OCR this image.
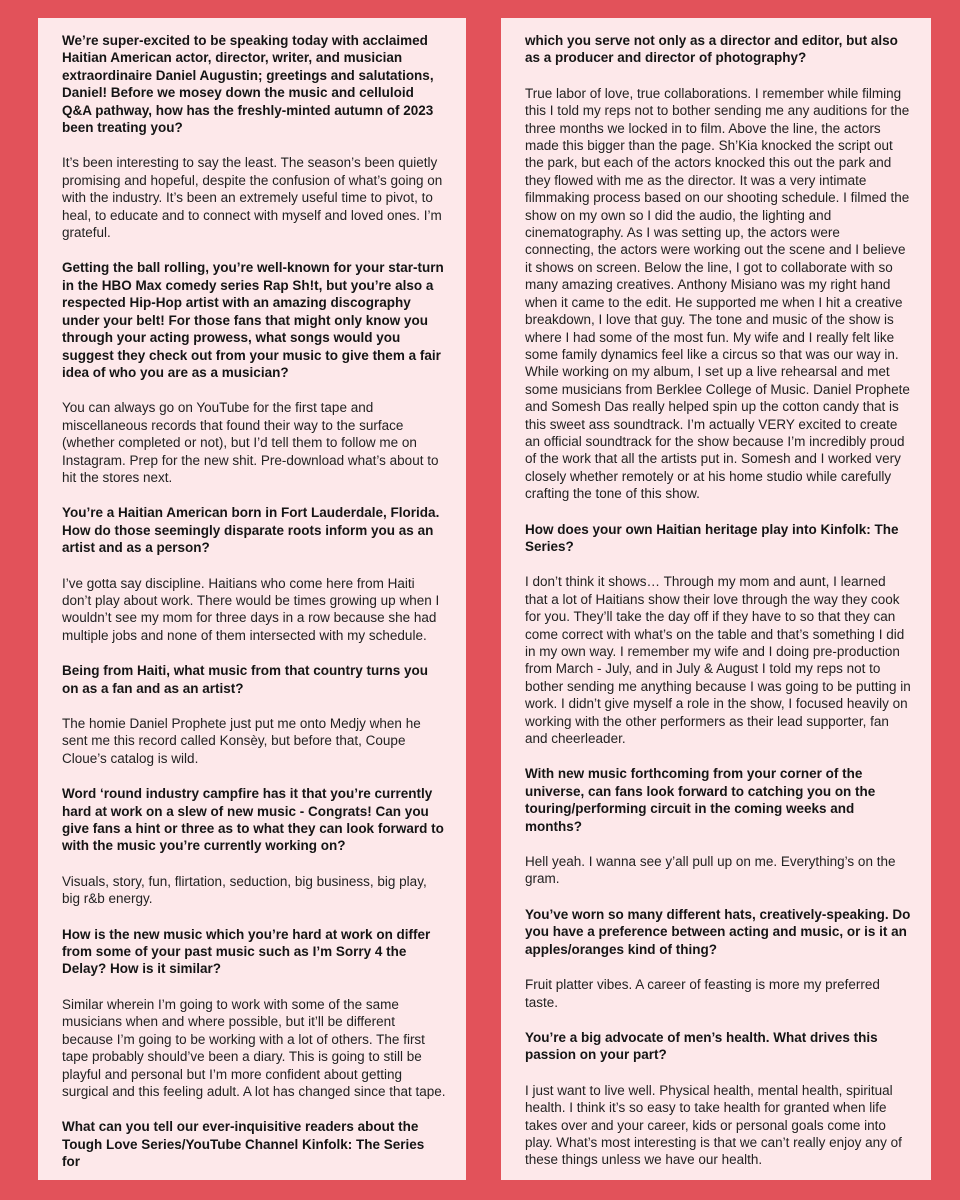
We’re super-excited to be speaking today with acclaimed Haitian American actor, director, writer, and musician extraordinaire Daniel Augustin; greetings and salutations, Daniel! Before we mosey down the music and celluloid Q&A pathway, how has the freshly-minted autumn of 2023 been treating you?

It’s been interesting to say the least. The season’s been quietly promising and hopeful, despite the confusion of what’s going on with the industry. It’s been an extremely useful time to pivot, to heal, to educate and to connect with myself and loved ones. I’m grateful.

Getting the ball rolling, you’re well-known for your star-turn in the HBO Max comedy series Rap Sh!t, but you’re also a respected Hip-Hop artist with an amazing discography under your belt! For those fans that might only know you through your acting prowess, what songs would you suggest they check out from your music to give them a fair idea of who you are as a musician?

You can always go on YouTube for the first tape and miscellaneous records that found their way to the surface (whether completed or not), but I’d tell them to follow me on Instagram. Prep for the new shit. Pre-download what’s about to hit the stores next.

You’re a Haitian American born in Fort Lauderdale, Florida. How do those seemingly disparate roots inform you as an artist and as a person?

I’ve gotta say discipline. Haitians who come here from Haiti don’t play about work. There would be times growing up when I wouldn’t see my mom for three days in a row because she had multiple jobs and none of them intersected with my schedule.

Being from Haiti, what music from that country turns you on as a fan and as an artist?

The homie Daniel Prophete just put me onto Medjy when he sent me this record called Konsèy, but before that, Coupe Cloue’s catalog is wild.

Word ‘round industry campfire has it that you’re currently hard at work on a slew of new music - Congrats! Can you give fans a hint or three as to what they can look forward to with the music you’re currently working on?

Visuals, story, fun, flirtation, seduction, big business, big play, big r&b energy.

How is the new music which you’re hard at work on differ from some of your past music such as I’m Sorry 4 the Delay? How is it similar?

Similar wherein I’m going to work with some of the same musicians when and where possible, but it’ll be different because I’m going to be working with a lot of others. The first tape probably should’ve been a diary. This is going to still be playful and personal but I’m more confident about getting surgical and this feeling adult. A lot has changed since that tape.

What can you tell our ever-inquisitive readers about the Tough Love Series/YouTube Channel Kinfolk: The Series for

which you serve not only as a director and editor, but also as a producer and director of photography?

True labor of love, true collaborations. I remember while filming this I told my reps not to bother sending me any auditions for the three months we locked in to film. Above the line, the actors made this bigger than the page. Sh’Kia knocked the script out the park, but each of the actors knocked this out the park and they flowed with me as the director. It was a very intimate filmmaking process based on our shooting schedule. I filmed the show on my own so I did the audio, the lighting and cinematography. As I was setting up, the actors were connecting, the actors were working out the scene and I believe it shows on screen. Below the line, I got to collaborate with so many amazing creatives. Anthony Misiano was my right hand when it came to the edit. He supported me when I hit a creative breakdown, I love that guy. The tone and music of the show is where I had some of the most fun. My wife and I really felt like some family dynamics feel like a circus so that was our way in. While working on my album, I set up a live rehearsal and met some musicians from Berklee College of Music. Daniel Prophete and Somesh Das really helped spin up the cotton candy that is this sweet ass soundtrack. I’m actually VERY excited to create an official soundtrack for the show because I’m incredibly proud of the work that all the artists put in. Somesh and I worked very closely whether remotely or at his home studio while carefully crafting the tone of this show.

How does your own Haitian heritage play into Kinfolk: The Series?

I don’t think it shows… Through my mom and aunt, I learned that a lot of Haitians show their love through the way they cook for you. They’ll take the day off if they have to so that they can come correct with what’s on the table and that’s something I did in my own way. I remember my wife and I doing pre-production from March - July, and in July & August I told my reps not to bother sending me anything because I was going to be putting in work. I didn’t give myself a role in the show, I focused heavily on working with the other performers as their lead supporter, fan and cheerleader.

With new music forthcoming from your corner of the universe, can fans look forward to catching you on the touring/performing circuit in the coming weeks and months?

Hell yeah. I wanna see y’all pull up on me. Everything’s on the gram.

You’ve worn so many different hats, creatively-speaking. Do you have a preference between acting and music, or is it an apples/oranges kind of thing?

Fruit platter vibes. A career of feasting is more my preferred taste.

You’re a big advocate of men’s health. What drives this passion on your part?

I just want to live well. Physical health, mental health, spiritual health. I think it’s so easy to take health for granted when life takes over and your career, kids or personal goals come into play. What’s most interesting is that we can’t really enjoy any of these things unless we have our health.
